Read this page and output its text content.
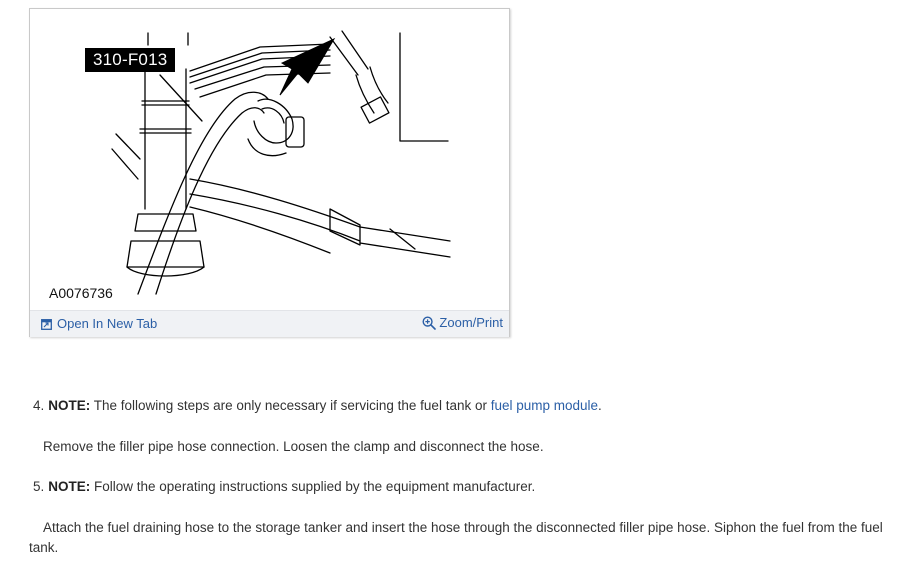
310-F013
A0076736
Open In New Tab	Zoom/Print

4. NOTE: The following steps are only necessary if servicing the fuel tank or fuel pump module.

Remove the filler pipe hose connection. Loosen the clamp and disconnect the hose.

5. NOTE: Follow the operating instructions supplied by the equipment manufacturer.

Attach the fuel draining hose to the storage tanker and insert the hose through the disconnected filler pipe hose. Siphon the fuel from the fuel tank.
